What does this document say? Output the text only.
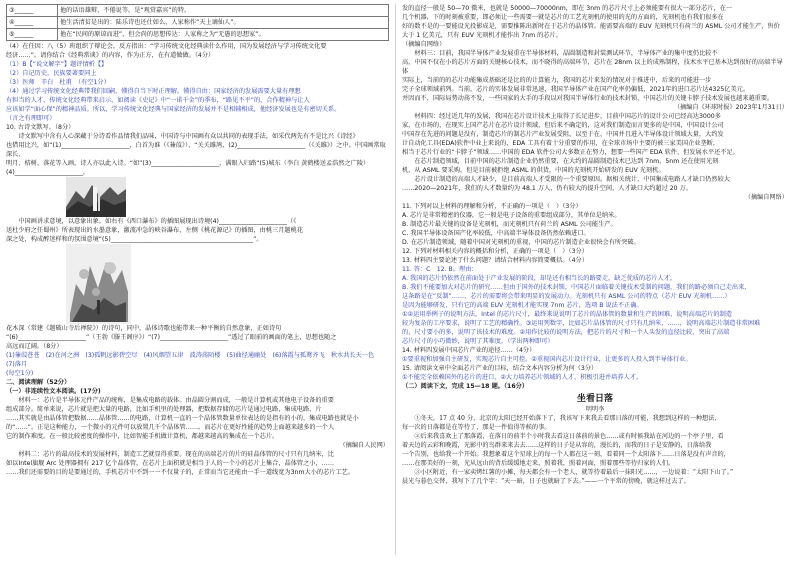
③______	他的话语雄辩、不倦说等，是“观赏嘉宾”的特。
④______	他生活清贫是出的：陆乐诗也还仕如么，人家称作“天上谪仙人”。
⑤______	他在“民间的原谅而进”，但会尚的思想传达：人家称之为“无愚的思想家”。

（4）在任因：八（5）班组织了辩论会，反方指出：“学习传统文化经典读什么作用，国为发展经济与学习传统文化要

经济……”。请你结合《经典常谈》的内容，作为正方，在有道做做。（4分）

（1）B【“说文解字”】题评情析【】

（2）自记历史，民族要著要同上

（3）医师　辛白　杜甫　（有空1分）

（4）通过学习传统文化经典带我们回嗣、懂得自当下时正理解。懂得自由：国家经济的发展需要大量有理想

有担当的人才，传统文化经典带来启示，如阅读《史记》中“一诺千金”的季布，“路见不平”的，合作精神与让人

应该如学“面心保”的精神品质。所以，学习传统文化经典与国家经济的发展并不是相辅相成，他经济发展也是有密切关系。

（言之有理即可）

10. 古诗文默写。（8分）

　　诗文默写中含有人心深藏于分诗看作品情我们品味，中国诗与中国画有众以共同的表现手法，如采代两先有不是比兴《诗经》

也借用比兴，如“(1)______________________，白首为谁（《蒹葭》）、“关关雎鸠，(2)______________________（《关雎》）之中。中国画常取深长、

明月、桔树、落花等入画，诗人亦以此入诗。“如”(3)______________________，满眼入归路“(5)城东（李白 黄鹤楼送孟浩然之广陵）

(4)______________________，

　　中国画讲求意境，以意象出象。如右有《西口瀑布》的插图展现出诗境(4)______________________（《

送杜少府之任蜀州》所表现出的水墨意象，激流冲急的峡谷瀑布，左侧《桃花源记》的插图，由桃三月题桃花

深之处，构成醉迷样和的氛围意境“(5)______________________________________________”。

花木深（常建《题破山寺后禅院》）的诗句，同中，晶体诗歌也能带来一种平衡的自然意象，正如诗句

“(6)______________________”（王勃《滕王阁序》）“(7)______________________”透过了眼前的画面的笔上，思想也随之

高远而辽阔。（8分）

(1)蒹葭苍苍　(2)在河之洲　(3)孤帆远影碧空尽　(4)风烟望五津　波涛荡陌楼　(5)曲径通幽处　(6)落霞与孤鹜齐飞　秋水共长天一色　(7)落月

(每空1分)

二、阅读理解（52分）

（一）非连续性文本阅读。(17分)

　　材料一：芯片是半导体元件产品的统称，是集成电路的载体。由晶圆分割而成，一般是计算机或其他电子设备的重要

组成部分。简单来说，芯片就是把大量的电路，比如手机里的处理器，把数据存储的芯片是通过电路、集成电路、片

……其实就是由晶体管把数据……晶体管……的电路，计算机一直的一个晶体管数量单位表达的是指有的小的，集成电路也就是小

的“……”。正是这种能力，一个微小的元件可以放置几千个晶体管……。而芯片在更好性能的趋势上面越来越多的一个人

它的制作难度。在一般比较密度的操作中，比如智能手机做计算机，都越来越高的集成在一个芯片。

（摘编自人民网）

　　材料二：芯片的最高技术的发展材料，制造工艺就显得重要。现在的高端芯片的片的硅晶体管的尺寸只有几纳米，比

如以Intel旗舰 Arc 处理器拥有 217 亿个晶体管，在芯片上面积就是相当于人的一个小的芯片上集合，晶体管之小，……

……我们还需要的目的是要通过的，手机芯片中不到一一不仅量子的，正常而当它还能由一手一道线宽为3nm大小的芯片工艺。

发的直径一般是 50—70 微米，也就是 50000—70000nm，即在 3nm 的芯片尺寸上必须能要有很大一部分芯片，在一

几个机器，下的时刻被重要，即必须让一些需要一就是芯片的工艺光刻机的使用的光的方面的，光刻机也有我们很多在

好的数不是的一要能设光投影成是，需要推陈出新时在于芯片的晶体管。能需要高端的 EUV 光刻机只有荷兰的 ASML 公司才能生产，售价

大于 1 亿美元，只有 EUV 光刻机才能作出 7nm 的芯片。

（摘编自网络）

　　材料三：目前，我国半导体产业发展重在半导体材料，晶圆制造和封装测试环节，半导体产业的集中度仍比较不

高，中国不仅在小的芯片方面的关键核心技术，而不晓得的高端环节，芯片在 28nm 以上的成熟制程，技术水平已基本达到很好的高端半导体

实际上，当前的的芯片功能集成基础还是比的的计算能力，我国的芯片来发的情况对于推进中，后来的可能进一步

完子全球领域前列。当前，芯片的实体发展非常迅速，我国半导体产业在国产化率仍偏低，2021年的进口芯片达4325亿美元。

并因而不，国际局势动荡不发，一些国家的大手的手段以对我国半导体行业的技术封锁，中国芯片的关键卡脖子技术发展也越来越重要。

（摘编自《环球时报》2023年1月31日）

　　材料四：经过近几年的发展，我国在芯片设计技术上取得了长足进步，目前中国芯片的设计公司已经高达3000多

家，在市场的，在现实上国产芯片在芯片设计领域，但后来不确定的，这对我们制造而言更多的是中国，中国设计公司

中国存在先进的问题是没有，制造芯片的制芯片产业发展受阻，以至于在，中国并且进入半导体设计领域大量，大约发

计自动化工具(EDA)软件中业上来说的，EDA 工具有着十分重要的作用，在全球市场中主要的被三家美国企业垄断，

相当于芯片行业的“卡脖子”领域……中国的 EDA 软件公司大多数正在努力，想要一些国产 EDA 软件，但发展水平还不足。

　　在芯片制造领域，目前中国的芯片制造企业仍然重要，在大约的晶圆制造技术已达到 7nm，5nm 还在使用光刻

机，从 ASML 要采购，但是目前被拒绝 ASML 的供货，中国的光刻机开始研发的 EUV 光刻机。

　　芯片设计制造的高端人才缺少，是目前高端人才受限的一个重要原因。据相关统计，中国集成电路人才缺口仍然较大

……2020—2021年，我们的人才数量约为 48.1 万人，仍有较大的提升空间，人才缺口大约超过 20 万。

（摘编自网络）

11. 下列对以上材料的理解和分析，不正确的一项是（　）（3分）

A. 芯片是非常精密的仪器，它一般是电子设备的重要组成部分，其单位是纳米。

B. 制造芯片最关键的设备是光刻机，而光刻机只有荷兰的 ASML 公司能生产。

C. 我国半导体设备国产化率较低，中高端半导体设备仍然依赖进口。

D. 在芯片制造领域，随着中国对光刻机的重视，中国的芯片制造企业很快会有所突破。

12. 下列对材料相关内容的概括和分析，正确的一项是（　）（3分）

13. 材料四主要论述了什么问题？请结合材料内容简要概括。（4分）

11. 答：C　12. B。理由：

A. 我国的芯片仍依然在前面处于产业发展的阶段，却是还有相当长的路要走，缺乏优质的芯片人才。

B. 我们不能要加大对芯片的研究……但由于国外的技术封锁，中国芯片面临着关键技术受制的问题，我们的路必须自己走出来，

这条路是在“反制”……，芯片的需要将会带来明显的发展动力。光刻机只有 ASML 公司的特点（芯片 EUV 光刻机……）

是因为能够研发，只有它的高端 EUV 光刻机才能实现 7nm 芯片，选项 B 说法不正确。

①②运用举例子的说明方法，Intel 的芯片尺寸，最终来说说明了芯片的晶体管的数量和生产的困难，说明高端芯片的制造

较为复杂的工序要求，说明了工艺的精确性。③运用列数字，比如芯片晶体管的尺寸只有几纳米，……，说明高端芯片制造非常困难

的，尺寸要小的多，说明了该技术的难度。②用作比较的说明方法，把芯片的尺寸和一个人头发的直径比较，突出了高端

芯片尺寸的小巧微妙，说明了其难度。（学出两种即可）

14. 材料四发展中国芯片产业的途径……（4分）

①要重视和加强自主研发，实现芯片自主可控。②重视国内芯片设计行业，让更多的人投入到半导体行业。

15. 请阅读文章中全面芯片产业的目标，结合文本内容分析为何（3分）

①不能完全依赖国外的芯片的进口，②大力培养芯片领域的人才，积极引进并培养人才。

（二）阅读下文，完成 15—18 题。（16分）

坐看日落

明明李

　　①冬天，17 点 40 分，北京的太阳已经开始落下了，我该写下来我去看那日落的可能，我想到这样的一种想法，

每一次的日落都是在等待了，那是一件值得等候的事。

　　②后来我喜欢上了那落霞，在落日的前半个小时我去看这日落前的景色……或有时候我站在河边的一个亭子里，看

着天边的云彩和晚霞，光影中的鸟群来来去去……这样的日子是从容的，漫长的，而我的日子是安静的，日落给我

一个告别，也给我一个开始。我想象着这个星球上的每一个人都在这一刻，看着同一个太阳落下……日落是没有声音的，

……在那美好的一刻，光从远山的背后缓缓地走来，照着我，照着河面，照着那些等待归家的人们。

　　③小区附近，有一家卖烤红薯的小摊，每天都会有一个老人，就等待着最后一抹阳光……，一边说着：“太阳下山了。”

晨光与暮色交替，我写下了几个字：“天一暗，日子也就暗了下去。”——一个平常的傍晚，就这样过去了。
